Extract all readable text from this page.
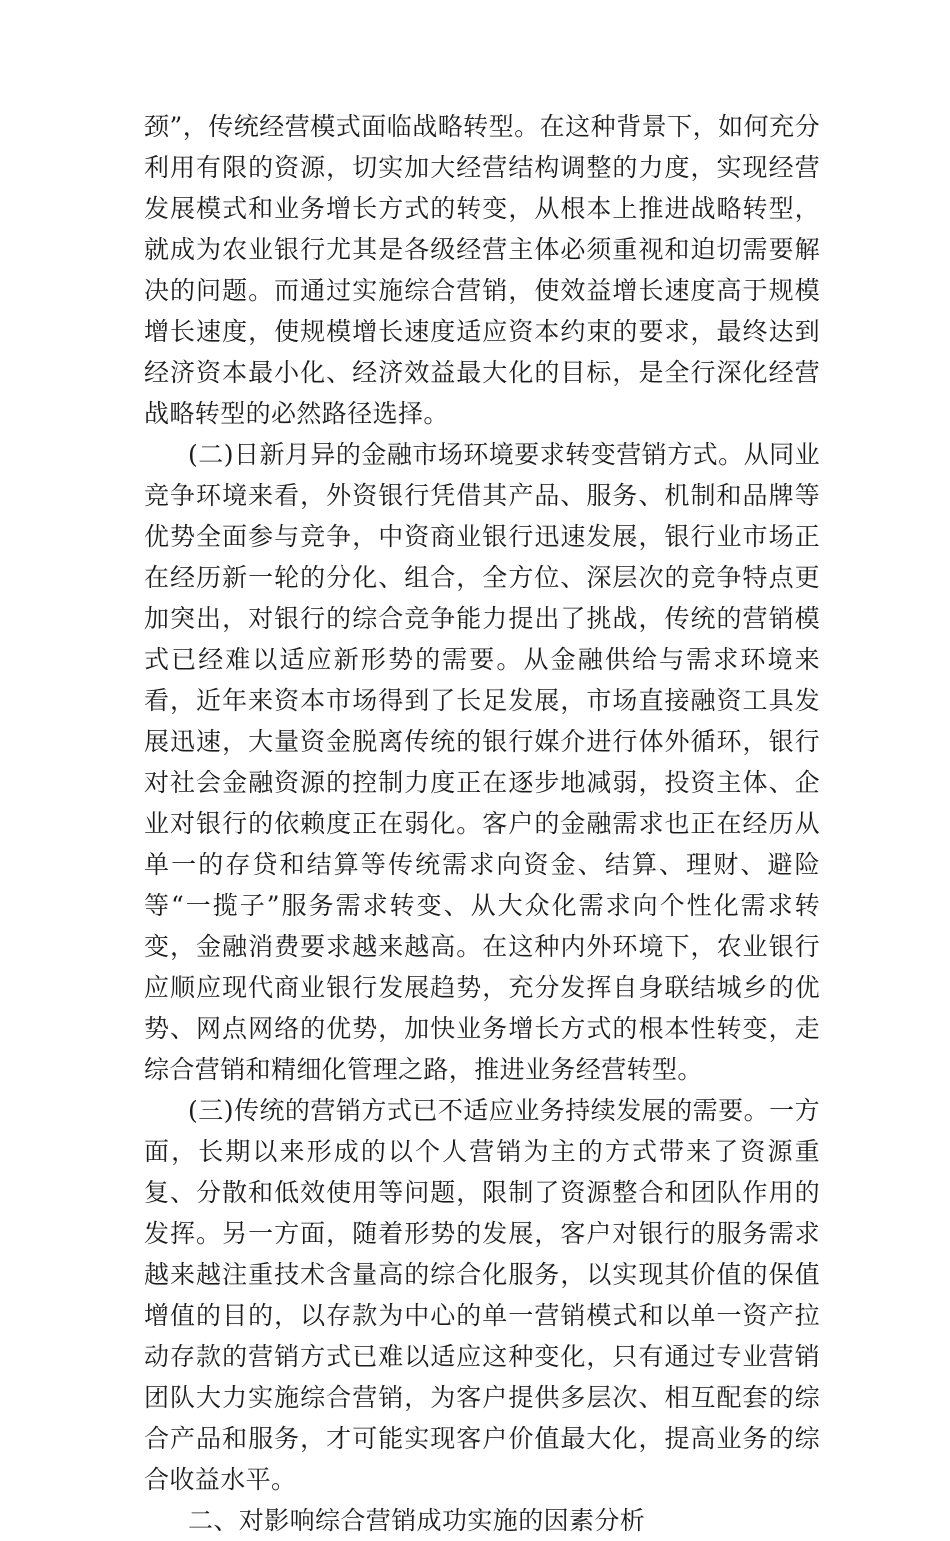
颈”，传统经营模式面临战略转型。在这种背景下，如何充分利用有限的资源，切实加大经营结构调整的力度，实现经营发展模式和业务增长方式的转变，从根本上推进战略转型，就成为农业银行尤其是各级经营主体必须重视和迫切需要解决的问题。而通过实施综合营销，使效益增长速度高于规模增长速度，使规模增长速度适应资本约束的要求，最终达到经济资本最小化、经济效益最大化的目标，是全行深化经营战略转型的必然路径选择。

(二)日新月异的金融市场环境要求转变营销方式。从同业竞争环境来看，外资银行凭借其产品、服务、机制和品牌等优势全面参与竞争，中资商业银行迅速发展，银行业市场正在经历新一轮的分化、组合，全方位、深层次的竞争特点更加突出，对银行的综合竞争能力提出了挑战，传统的营销模式已经难以适应新形势的需要。从金融供给与需求环境来看，近年来资本市场得到了长足发展，市场直接融资工具发展迅速，大量资金脱离传统的银行媒介进行体外循环，银行对社会金融资源的控制力度正在逐步地减弱，投资主体、企业对银行的依赖度正在弱化。客户的金融需求也正在经历从单一的存贷和结算等传统需求向资金、结算、理财、避险等“一揽子”服务需求转变、从大众化需求向个性化需求转变，金融消费要求越来越高。在这种内外环境下，农业银行应顺应现代商业银行发展趋势，充分发挥自身联结城乡的优势、网点网络的优势，加快业务增长方式的根本性转变，走综合营销和精细化管理之路，推进业务经营转型。

(三)传统的营销方式已不适应业务持续发展的需要。一方面，长期以来形成的以个人营销为主的方式带来了资源重复、分散和低效使用等问题，限制了资源整合和团队作用的发挥。另一方面，随着形势的发展，客户对银行的服务需求越来越注重技术含量高的综合化服务，以实现其价值的保值增值的目的，以存款为中心的单一营销模式和以单一资产拉动存款的营销方式已难以适应这种变化，只有通过专业营销团队大力实施综合营销，为客户提供多层次、相互配套的综合产品和服务，才可能实现客户价值最大化，提高业务的综合收益水平。

二、对影响综合营销成功实施的因素分析
